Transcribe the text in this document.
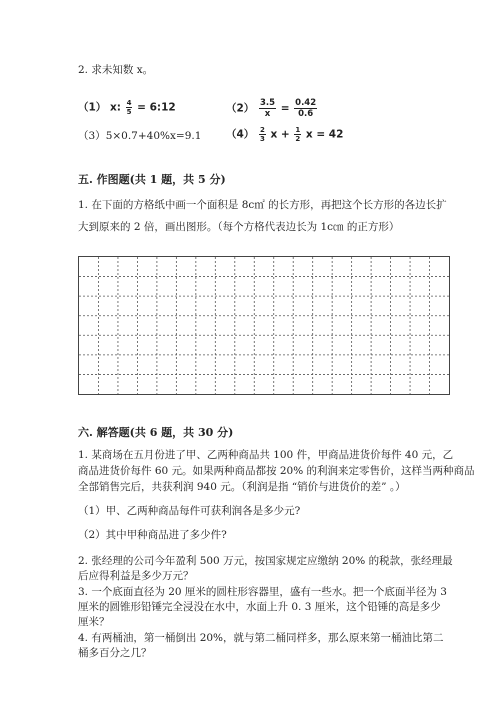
2. 求未知数 x。
（1） x: $\frac{4}{5}$ = 6:12	$(2) \frac{3.5}{x} = \frac{0.42}{0.6}$
（3）5×0.7+40%x=9.1 $(4) \frac{2}{3}$ $x + \frac{1}{2}$ x = 42
五. 作图题(共 1 题，共 5 分)
1. 在下面的方格纸中画一个面积是 8c㎡ 的长方形，再把这个长方形的各边长扩
大到原来的 2 倍，画出图形。（每个方格代表边长为 1c㎝ 的正方形）
六. 解答题(共 6 题，共 30 分)
1. 某商场在五月份进了甲、乙两种商品共 100 件，甲商品进货价每件 40 元，乙
商品进货价每件 60 元。如果两种商品都按 20% 的利润来定零售价，这样当两种商品
全部销售完后，共获利润 940 元。（利润是指 “销价与进货价的差” 。）
（1）甲、乙两种商品每件可获利润各是多少元?
（2）其中甲种商品进了多少件?
2. 张经理的公司今年盈利 500 万元，按国家规定应缴纳 20% 的税款，张经理最
后应得利益是多少万元？
3. 一个底面直径为 20 厘米的圆柱形容器里，盛有一些水。把一个底面半径为 3
厘米的圆锥形铅锤完全浸没在水中，水面上升 0. 3 厘米，这个铅锤的高是多少
厘米？
4. 有两桶油，第一桶倒出 20%，就与第二桶同样多，那么原来第一桶油比第二
桶多百分之几？
